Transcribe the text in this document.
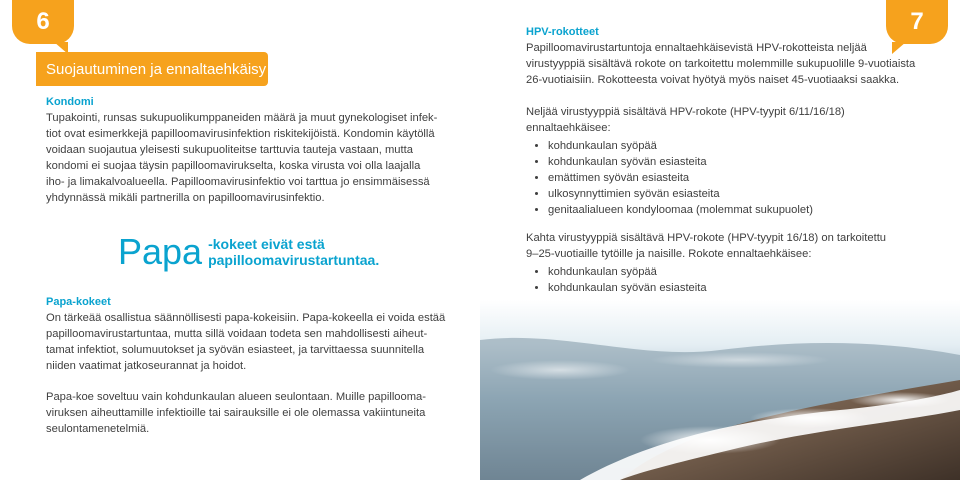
6
Suojautuminen ja ennaltaehkäisy

Kondomi

Tupakointi, runsas sukupuolikumppaneiden määrä ja muut gynekologiset infek-

tiot ovat esimerkkejä papilloomavirusinfektion riskitekijöistä. Kondomin käytöllä

voidaan suojautua yleisesti sukupuoliteitse tarttuvia tauteja vastaan, mutta

kondomi ei suojaa täysin papilloomavirukselta, koska virusta voi olla laajalla

iho- ja limakalvoalueella. Papilloomavirusinfektio voi tarttua jo ensimmäisessä

yhdynnässä mikäli partnerilla on papilloomavirusinfektio.

Papa -kokeet eivät estä
papilloomavirustartuntaa.

Papa-kokeet

On tärkeää osallistua säännöllisesti papa-kokeisiin. Papa-kokeella ei voida estää

papilloomavirustartuntaa, mutta sillä voidaan todeta sen mahdollisesti aiheut-

tamat infektiot, solumuutokset ja syövän esiasteet, ja tarvittaessa suunnitella

niiden vaatimat jatkoseurannat ja hoidot.

Papa-koe soveltuu vain kohdunkaulan alueen seulontaan. Muille papillooma-

viruksen aiheuttamille infektioille tai sairauksille ei ole olemassa vakiintuneita

seulontamenetelmiä.

7

HPV-rokotteet

Papilloomavirustartuntoja ennaltaehkäisevistä HPV-rokotteista neljää

virustyyppiä sisältävä rokote on tarkoitettu molemmille sukupuolille 9-vuotiaista

26-vuotiaisiin. Rokotteesta voivat hyötyä myös naiset 45-vuotiaaksi saakka.

Neljää virustyyppiä sisältävä HPV-rokote (HPV-tyypit 6/11/16/18)

ennaltaehkäisee:

• kohdunkaulan syöpää
• kohdunkaulan syövän esiasteita
• emättimen syövän esiasteita
• ulkosynnyttimien syövän esiasteita
• genitaalialueen kondyloomaa (molemmat sukupuolet)

Kahta virustyyppiä sisältävä HPV-rokote (HPV-tyypit 16/18) on tarkoitettu

9–25-vuotiaille tytöille ja naisille. Rokote ennaltaehkäisee:

• kohdunkaulan syöpää
• kohdunkaulan syövän esiasteita
